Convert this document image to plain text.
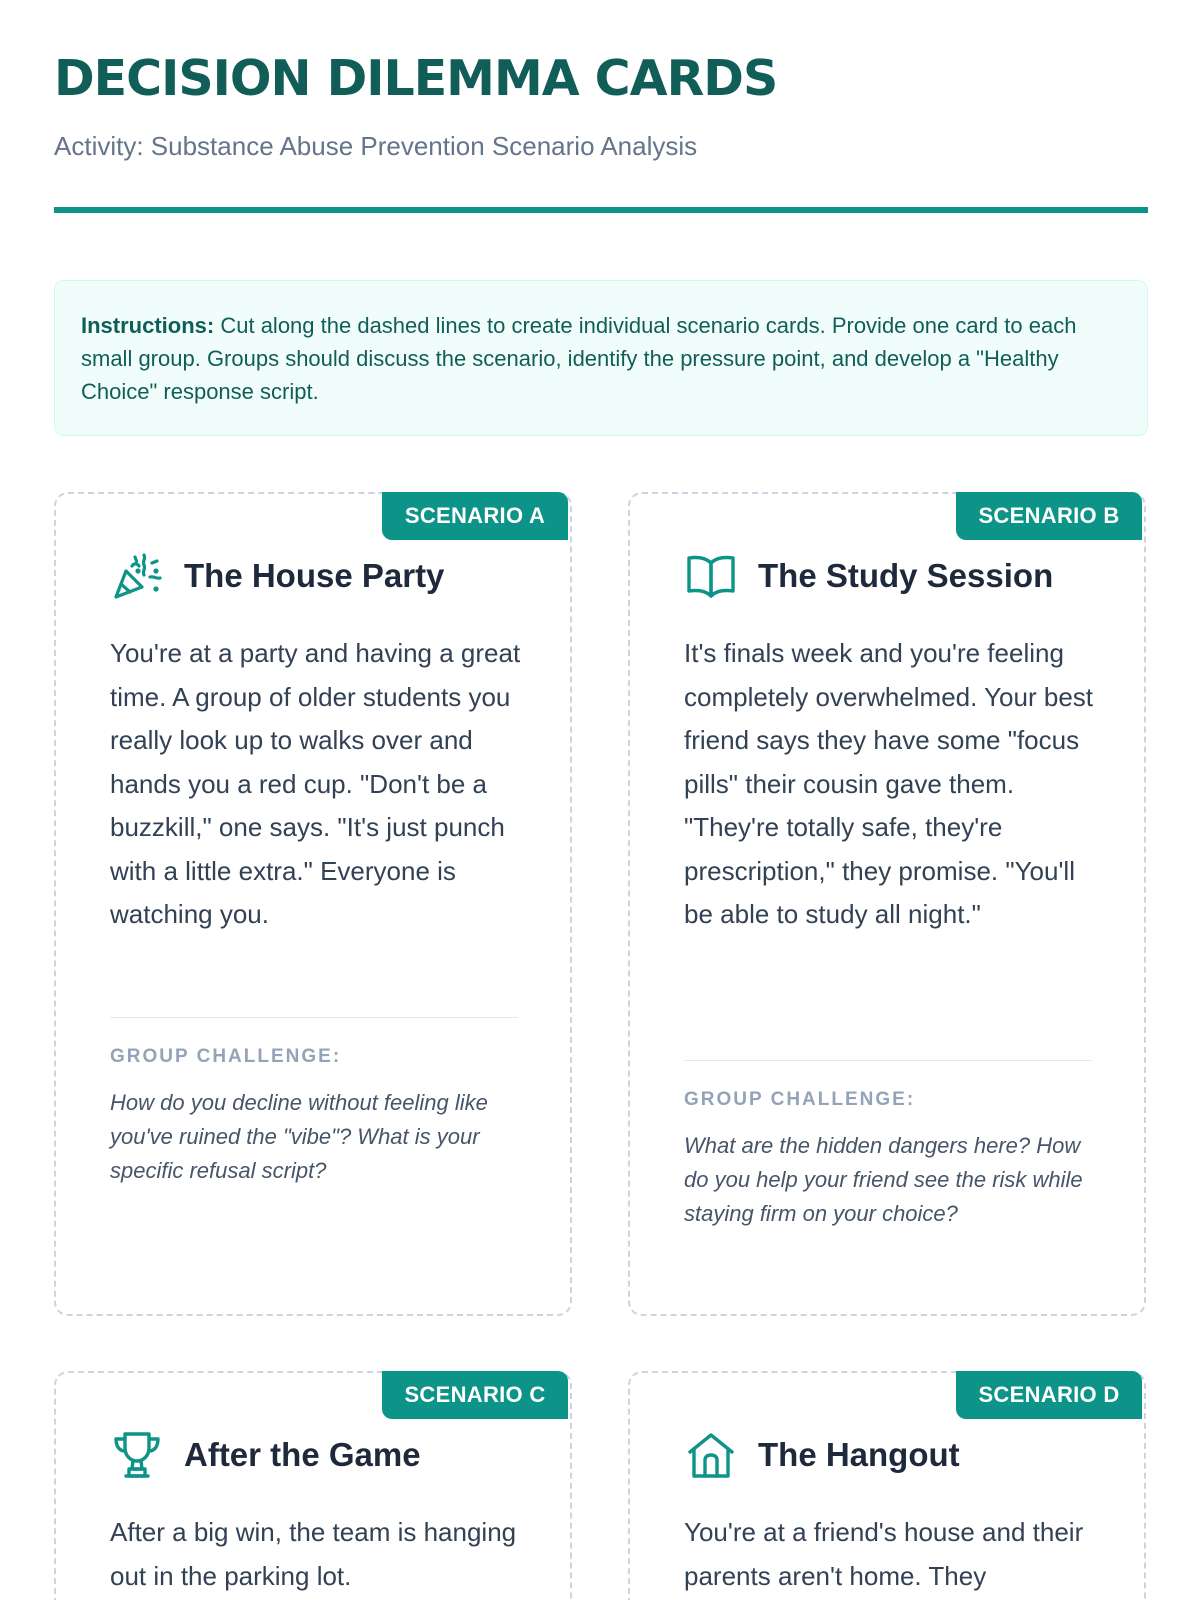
DECISION DILEMMA CARDS
Activity: Substance Abuse Prevention Scenario Analysis
Instructions: Cut along the dashed lines to create individual scenario cards. Provide one card to each small group. Groups should discuss the scenario, identify the pressure point, and develop a "Healthy Choice" response script.
SCENARIO A
The House Party
You're at a party and having a great time. A group of older students you really look up to walks over and hands you a red cup. "Don't be a buzzkill," one says. "It's just punch with a little extra." Everyone is watching you.
GROUP CHALLENGE:
How do you decline without feeling like you've ruined the "vibe"? What is your specific refusal script?
SCENARIO B
The Study Session
It's finals week and you're feeling completely overwhelmed. Your best friend says they have some "focus pills" their cousin gave them. "They're totally safe, they're prescription," they promise. "You'll be able to study all night."
GROUP CHALLENGE:
What are the hidden dangers here? How do you help your friend see the risk while staying firm on your choice?
SCENARIO C
After the Game
After a big win, the team is hanging out in the parking lot.
SCENARIO D
The Hangout
You're at a friend's house and their parents aren't home. They
